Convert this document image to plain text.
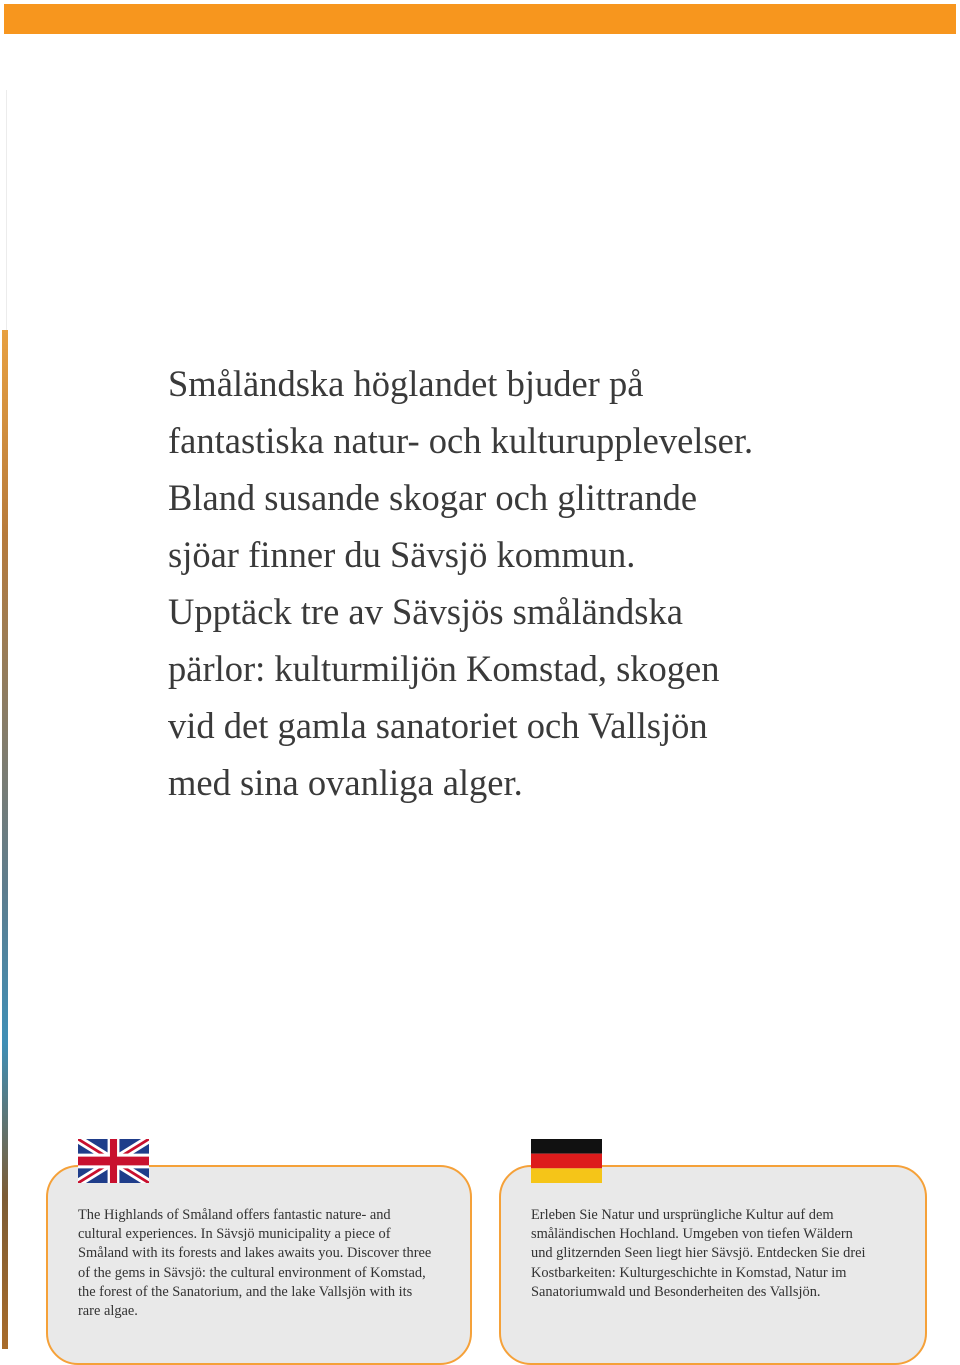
Småländska höglandet bjuder på
fantastiska natur- och kulturupplevelser.
Bland susande skogar och glittrande
sjöar finner du Sävsjö kommun.
Upptäck tre av Sävsjös småländska
pärlor: kulturmiljön Komstad, skogen
vid det gamla sanatoriet och Vallsjön
med sina ovanliga alger.

The Highlands of Småland offers fantastic nature- and
cultural experiences. In Sävsjö municipality a piece of
Småland with its forests and lakes awaits you. Discover three
of the gems in Sävsjö: the cultural environment of Komstad,
the forest of the Sanatorium, and the lake Vallsjön with its
rare algae.

Erleben Sie Natur und ursprüngliche Kultur auf dem
småländischen Hochland. Umgeben von tiefen Wäldern
und glitzernden Seen liegt hier Sävsjö. Entdecken Sie drei
Kostbarkeiten: Kulturgeschichte in Komstad, Natur im
Sanatoriumwald und Besonderheiten des Vallsjön.
